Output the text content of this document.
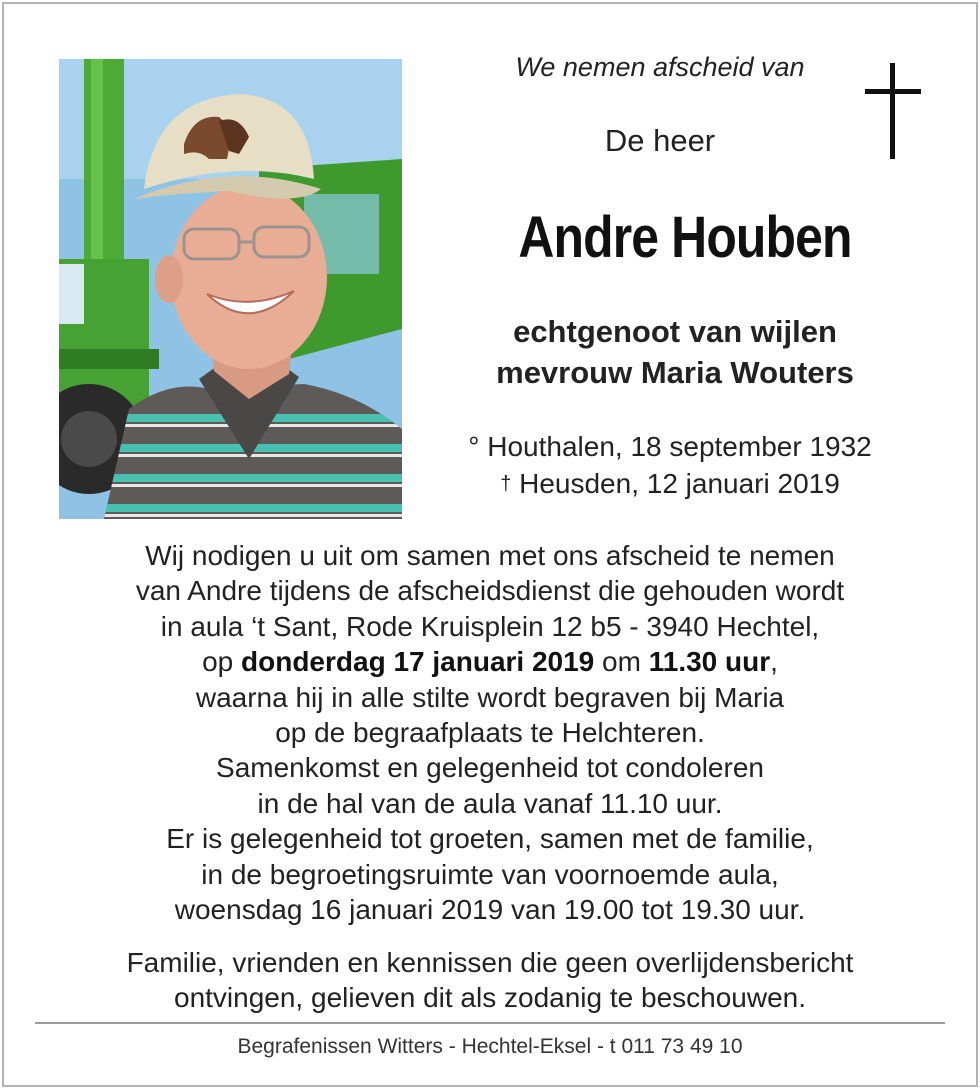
We nemen afscheid van
De heer
Andre Houben
echtgenoot van wijlen
mevrouw Maria Wouters
° Houthalen, 18 september 1932
† Heusden, 12 januari 2019
Wij nodigen u uit om samen met ons afscheid te nemen
van Andre tijdens de afscheidsdienst die gehouden wordt
in aula ‘t Sant, Rode Kruisplein 12 b5 - 3940 Hechtel,
op donderdag 17 januari 2019 om 11.30 uur,
waarna hij in alle stilte wordt begraven bij Maria
op de begraafplaats te Helchteren.
Samenkomst en gelegenheid tot condoleren
in de hal van de aula vanaf 11.10 uur.
Er is gelegenheid tot groeten, samen met de familie,
in de begroetingsruimte van voornoemde aula,
woensdag 16 januari 2019 van 19.00 tot 19.30 uur.
Familie, vrienden en kennissen die geen overlijdensbericht
ontvingen, gelieven dit als zodanig te beschouwen.
Begrafenissen Witters - Hechtel-Eksel - t 011 73 49 10
